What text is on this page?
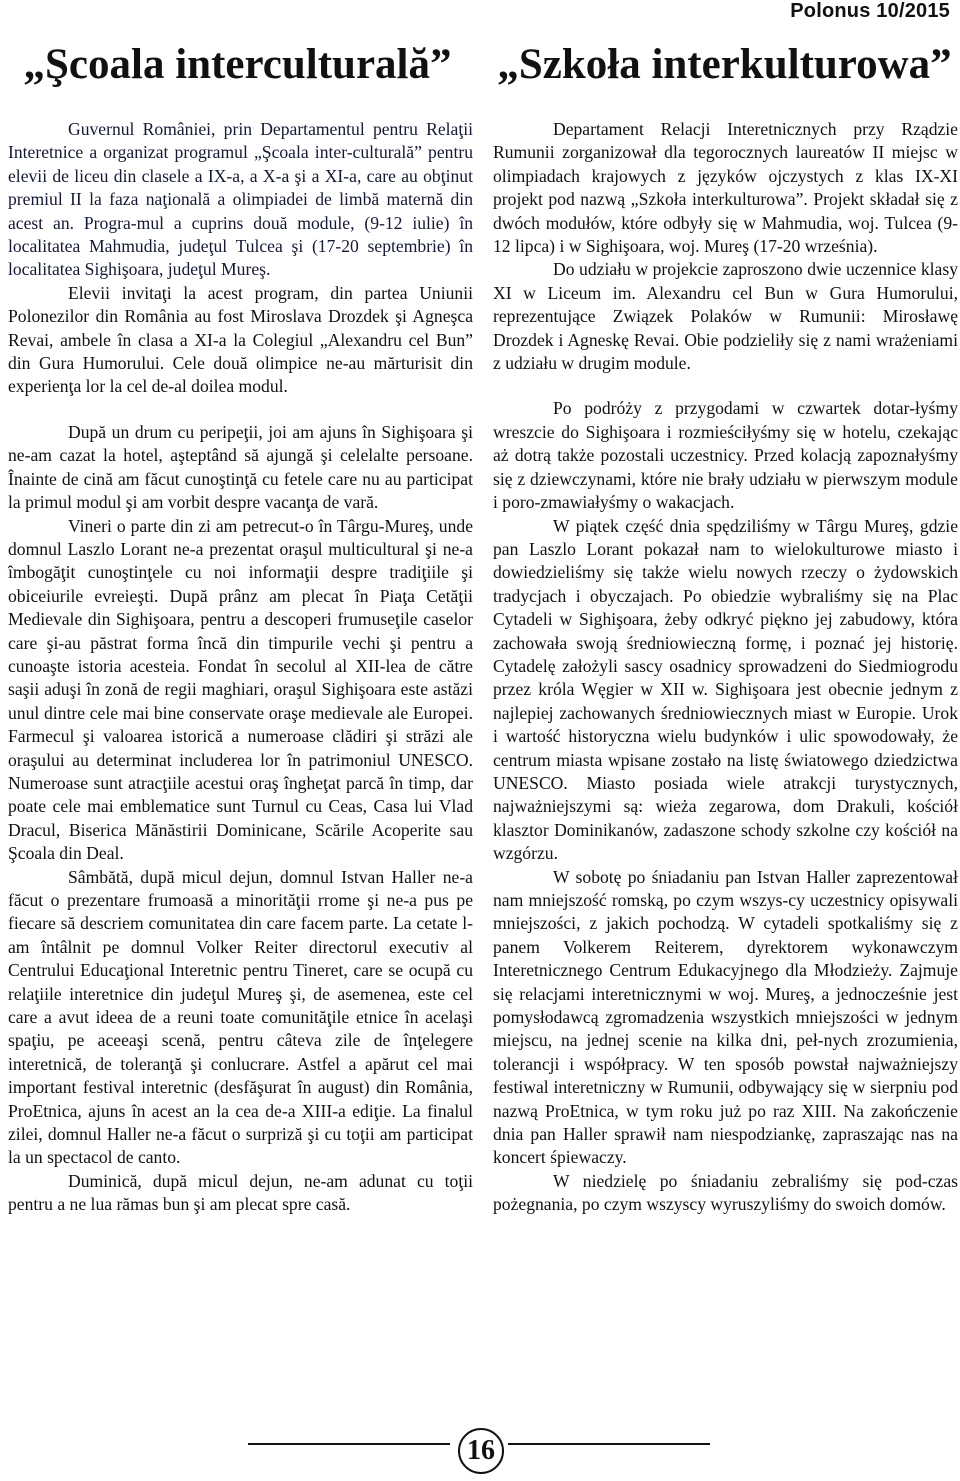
Polonus 10/2015
„Şcoala interculturală”	„Szkoła interkulturowa”

Guvernul României, prin Departamentul pentru Relaţii Interetnice a organizat programul „Şcoala inter-culturală” pentru elevii de liceu din clasele a IX-a, a X-a şi a XI-a, care au obţinut premiul II la faza naţională a olimpiadei de limbă maternă din acest an. Progra-mul a cuprins două module, (9-12 iulie) în localitatea Mahmudia, judeţul Tulcea şi (17-20 septembrie) în localitatea Sighişoara, judeţul Mureş.

Elevii invitaţi la acest program, din partea Uniunii Polonezilor din România au fost Miroslava Drozdek şi Agneşca Revai, ambele în clasa a XI-a la Colegiul „Alexandru cel Bun” din Gura Humorului. Cele două olimpice ne-au mărturisit din experienţa lor la cel de-al doilea modul.

După un drum cu peripeţii, joi am ajuns în Sighişoara şi ne-am cazat la hotel, aşteptând să ajungă şi celelalte persoane. Înainte de cină am făcut cunoştinţă cu fetele care nu au participat la primul modul şi am vorbit despre vacanţa de vară.

Vineri o parte din zi am petrecut-o în Târgu-Mureş, unde domnul Laszlo Lorant ne-a prezentat oraşul multicultural şi ne-a îmbogăţit cunoştinţele cu noi informaţii despre tradiţiile şi obiceiurile evreieşti. După prânz am plecat în Piaţa Cetăţii Medievale din Sighişoara, pentru a descoperi frumuseţile caselor care şi-au păstrat forma încă din timpurile vechi şi pentru a cunoaşte istoria acesteia. Fondat în secolul al XII-lea de către saşii aduşi în zonă de regii maghiari, oraşul Sighişoara este astăzi unul dintre cele mai bine conservate oraşe medievale ale Europei. Farmecul şi valoarea istorică a numeroase clădiri şi străzi ale oraşului au determinat includerea lor în patrimoniul UNESCO. Numeroase sunt atracţiile acestui oraş îngheţat parcă în timp, dar poate cele mai emblematice sunt Turnul cu Ceas, Casa lui Vlad Dracul, Biserica Mănăstirii Dominicane, Scările Acoperite sau Şcoala din Deal.

Sâmbătă, după micul dejun, domnul Istvan Haller ne-a făcut o prezentare frumoasă a minorităţii rrome şi ne-a pus pe fiecare să descriem comunitatea din care facem parte. La cetate l-am întâlnit pe domnul Volker Reiter directorul executiv al Centrului Educaţional Interetnic pentru Tineret, care se ocupă cu relaţiile interetnice din judeţul Mureş şi, de asemenea, este cel care a avut ideea de a reuni toate comunităţile etnice în acelaşi spaţiu, pe aceeaşi scenă, pentru câteva zile de înţelegere interetnică, de toleranţă şi conlucrare. Astfel a apărut cel mai important festival interetnic (desfăşurat în august) din România, ProEtnica, ajuns în acest an la cea de-a XIII-a ediţie. La finalul zilei, domnul Haller ne-a făcut o surpriză şi cu toţii am participat la un spectacol de canto.

Duminică, după micul dejun, ne-am adunat cu toţii pentru a ne lua rămas bun şi am plecat spre casă.

Departament Relacji Interetnicznych przy Rządzie Rumunii zorganizował dla tegorocznych laureatów II miejsc w olimpiadach krajowych z języków ojczystych z klas IX-XI projekt pod nazwą „Szkoła interkulturowa”. Projekt składał się z dwóch modułów, które odbyły się w Mahmudia, woj. Tulcea (9-12 lipca) i w Sighişoara, woj. Mureş (17-20 września).

Do udziału w projekcie zaproszono dwie uczennice klasy XI w Liceum im. Alexandru cel Bun w Gura Humorului, reprezentujące Związek Polaków w Rumunii: Mirosławę Drozdek i Agneskę Revai. Obie podzieliły się z nami wrażeniami z udziału w drugim module.

Po podróży z przygodami w czwartek dotar-łyśmy wreszcie do Sighişoara i rozmieściłyśmy się w hotelu, czekając aż dotrą także pozostali uczestnicy. Przed kolacją zapoznałyśmy się z dziewczynami, które nie brały udziału w pierwszym module i poro-zmawiałyśmy o wakacjach.

W piątek część dnia spędziliśmy w Târgu Mureş, gdzie pan Laszlo Lorant pokazał nam to wielokulturowe miasto i dowiedzieliśmy się także wielu nowych rzeczy o żydowskich tradycjach i obyczajach. Po obiedzie wybraliśmy się na Plac Cytadeli w Sighişoara, żeby odkryć piękno jej zabudowy, która zachowała swoją średniowieczną formę, i poznać jej historię. Cytadelę założyli sascy osadnicy sprowadzeni do Siedmiogrodu przez króla Węgier w XII w. Sighişoara jest obecnie jednym z najlepiej zachowanych średniowiecznych miast w Europie. Urok i wartość historyczna wielu budynków i ulic spowodowały, że centrum miasta wpisane zostało na listę światowego dziedzictwa UNESCO. Miasto posiada wiele atrakcji turystycznych, najważniejszymi są: wieża zegarowa, dom Drakuli, kościół klasztor Dominikanów, zadaszone schody szkolne czy kościół na wzgórzu.

W sobotę po śniadaniu pan Istvan Haller zaprezentował nam mniejszość romską, po czym wszys-cy uczestnicy opisywali mniejszości, z jakich pochodzą. W cytadeli spotkaliśmy się z panem Volkerem Reiterem, dyrektorem wykonawczym Interetnicznego Centrum Edukacyjnego dla Młodzieży. Zajmuje się relacjami interetnicznymi w woj. Mureş, a jednocześnie jest pomysłodawcą zgromadzenia wszystkich mniejszości w jednym miejscu, na jednej scenie na kilka dni, peł-nych zrozumienia, tolerancji i współpracy. W ten sposób powstał najważniejszy festiwal interetniczny w Rumunii, odbywający się w sierpniu pod nazwą ProEtnica, w tym roku już po raz XIII. Na zakończenie dnia pan Haller sprawił nam niespodziankę, zapraszając nas na koncert śpiewaczy.

W niedzielę po śniadaniu zebraliśmy się pod-czas pożegnania, po czym wszyscy wyruszyliśmy do swoich domów.

16
